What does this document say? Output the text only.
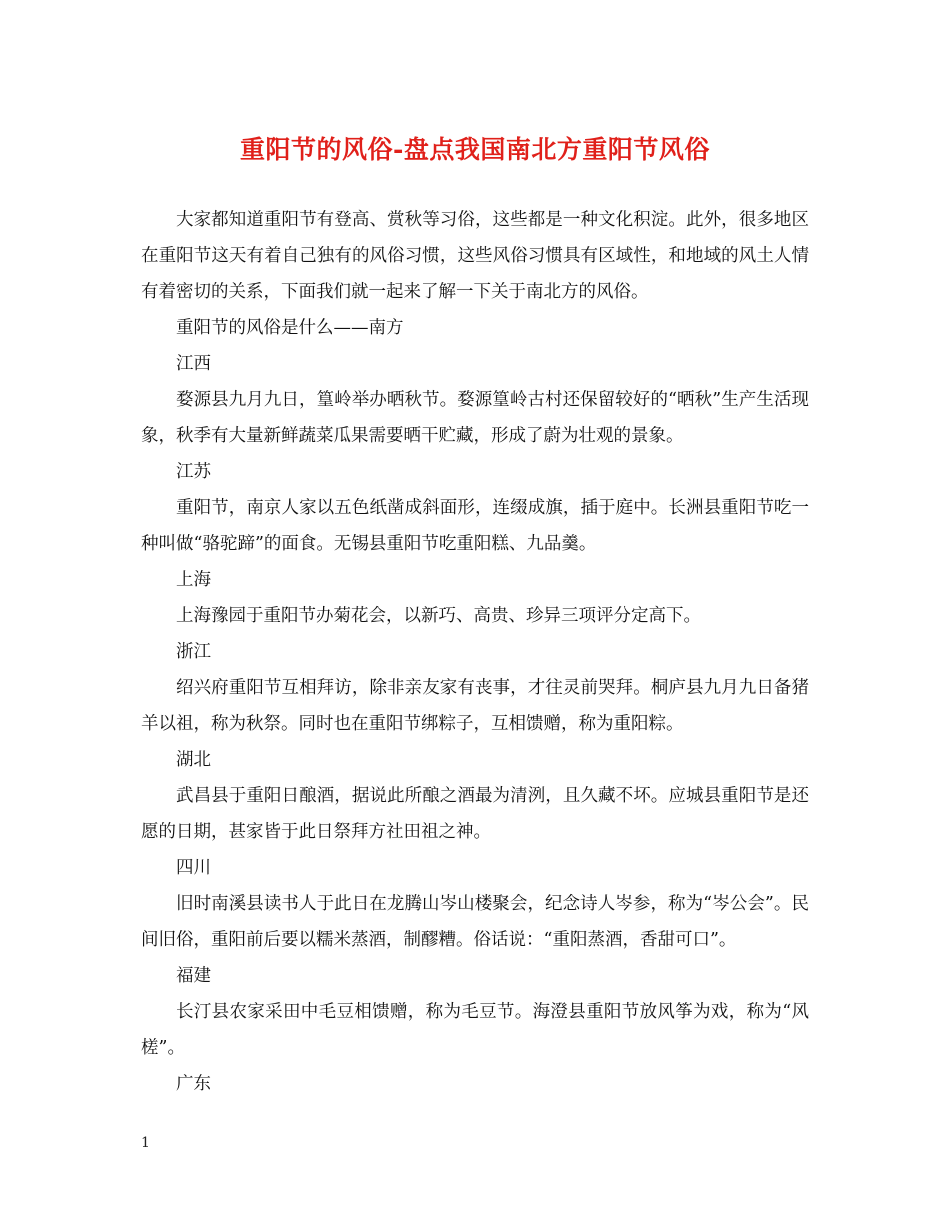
重阳节的风俗-盘点我国南北方重阳节风俗

大家都知道重阳节有登高、赏秋等习俗，这些都是一种文化积淀。此外，很多地区在重阳节这天有着自己独有的风俗习惯，这些风俗习惯具有区域性，和地域的风土人情有着密切的关系，下面我们就一起来了解一下关于南北方的风俗。

重阳节的风俗是什么——南方

江西

婺源县九月九日，篁岭举办晒秋节。婺源篁岭古村还保留较好的“晒秋”生产生活现象，秋季有大量新鲜蔬菜瓜果需要晒干贮藏，形成了蔚为壮观的景象。

江苏

重阳节，南京人家以五色纸凿成斜面形，连缀成旗，插于庭中。长洲县重阳节吃一种叫做“骆驼蹄”的面食。无锡县重阳节吃重阳糕、九品羹。

上海

上海豫园于重阳节办菊花会，以新巧、高贵、珍异三项评分定高下。

浙江

绍兴府重阳节互相拜访，除非亲友家有丧事，才往灵前哭拜。桐庐县九月九日备猪羊以祖，称为秋祭。同时也在重阳节绑粽子，互相馈赠，称为重阳粽。

湖北

武昌县于重阳日酿酒，据说此所酿之酒最为清洌，且久藏不坏。应城县重阳节是还愿的日期，甚家皆于此日祭拜方社田祖之神。

四川

旧时南溪县读书人于此日在龙腾山岑山楼聚会，纪念诗人岑参，称为“岑公会”。民间旧俗，重阳前后要以糯米蒸酒，制醪糟。俗话说：“重阳蒸酒，香甜可口”。

福建

长汀县农家采田中毛豆相馈赠，称为毛豆节。海澄县重阳节放风筝为戏，称为“风槎”。

广东

1
